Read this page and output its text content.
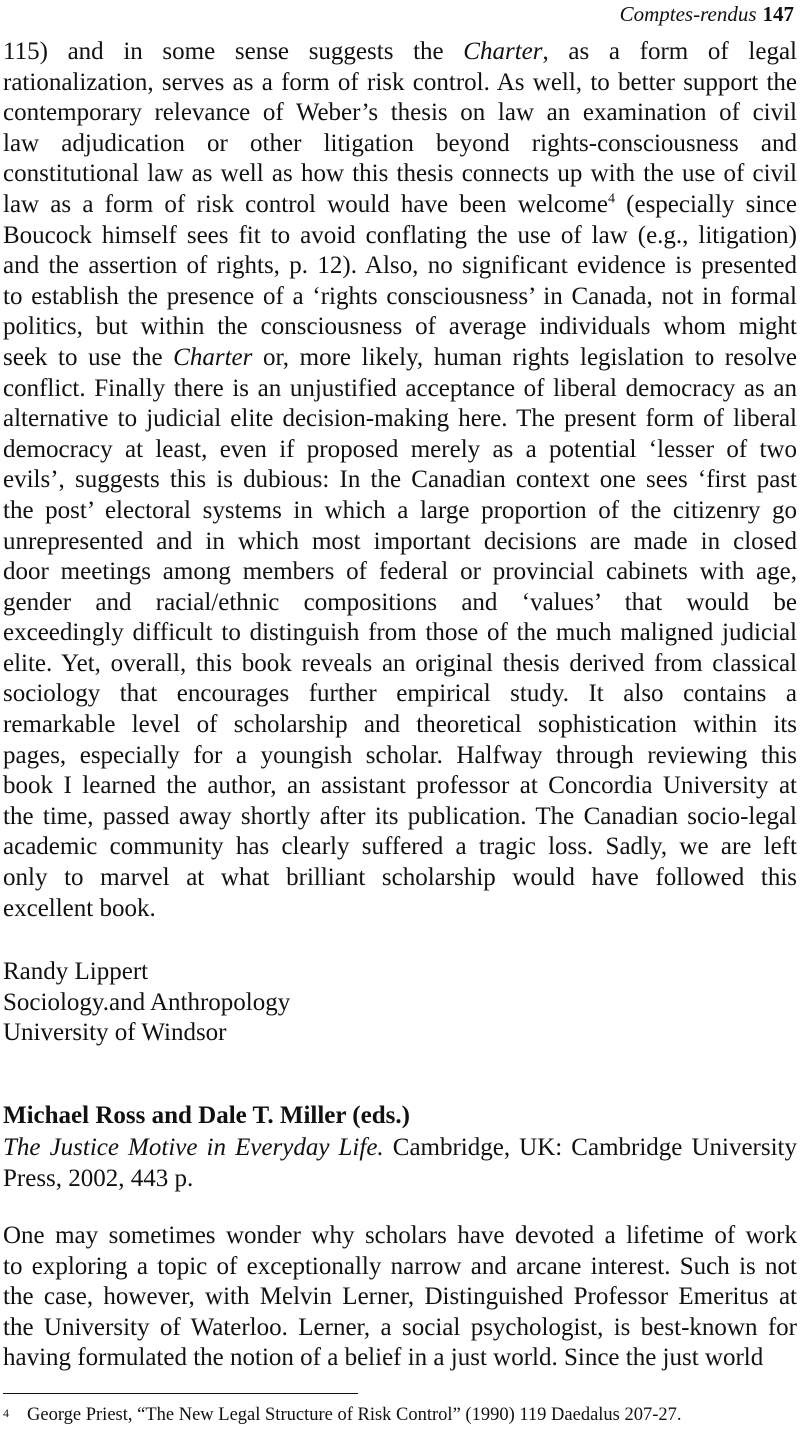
Comptes-rendus 147
115) and in some sense suggests the Charter, as a form of legal
rationalization, serves as a form of risk control. As well, to better support the
contemporary relevance of Weber’s thesis on law an examination of civil
law adjudication or other litigation beyond rights-consciousness and
constitutional law as well as how this thesis connects up with the use of civil
law as a form of risk control would have been welcome$^4$ (especially since
Boucock himself sees fit to avoid conflating the use of law (e.g., litigation)
and the assertion of rights, p. 12). Also, no significant evidence is presented
to establish the presence of a ‘rights consciousness’ in Canada, not in formal
politics, but within the consciousness of average individuals whom might
seek to use the Charter or, more likely, human rights legislation to resolve
conflict. Finally there is an unjustified acceptance of liberal democracy as an
alternative to judicial elite decision-making here. The present form of liberal
democracy at least, even if proposed merely as a potential ‘lesser of two
evils’, suggests this is dubious: In the Canadian context one sees ‘first past
the post’ electoral systems in which a large proportion of the citizenry go
unrepresented and in which most important decisions are made in closed
door meetings among members of federal or provincial cabinets with age,
gender and racial/ethnic compositions and ‘values’ that would be
exceedingly difficult to distinguish from those of the much maligned judicial
elite. Yet, overall, this book reveals an original thesis derived from classical
sociology that encourages further empirical study. It also contains a
remarkable level of scholarship and theoretical sophistication within its
pages, especially for a youngish scholar. Halfway through reviewing this
book I learned the author, an assistant professor at Concordia University at
the time, passed away shortly after its publication. The Canadian socio-legal
academic community has clearly suffered a tragic loss. Sadly, we are left
only to marvel at what brilliant scholarship would have followed this
excellent book.
Randy Lippert
Sociology.and Anthropology
University of Windsor
Michael Ross and Dale T. Miller (eds.)
The Justice Motive in Everyday Life. Cambridge, UK: Cambridge University
Press, 2002, 443 p.
One may sometimes wonder why scholars have devoted a lifetime of work
to exploring a topic of exceptionally narrow and arcane interest. Such is not
the case, however, with Melvin Lerner, Distinguished Professor Emeritus at
the University of Waterloo. Lerner, a social psychologist, is best-known for
having formulated the notion of a belief in a just world. Since the just world
$^4$ George Priest, “The New Legal Structure of Risk Control” (1990) 119 Daedalus 207-27.
